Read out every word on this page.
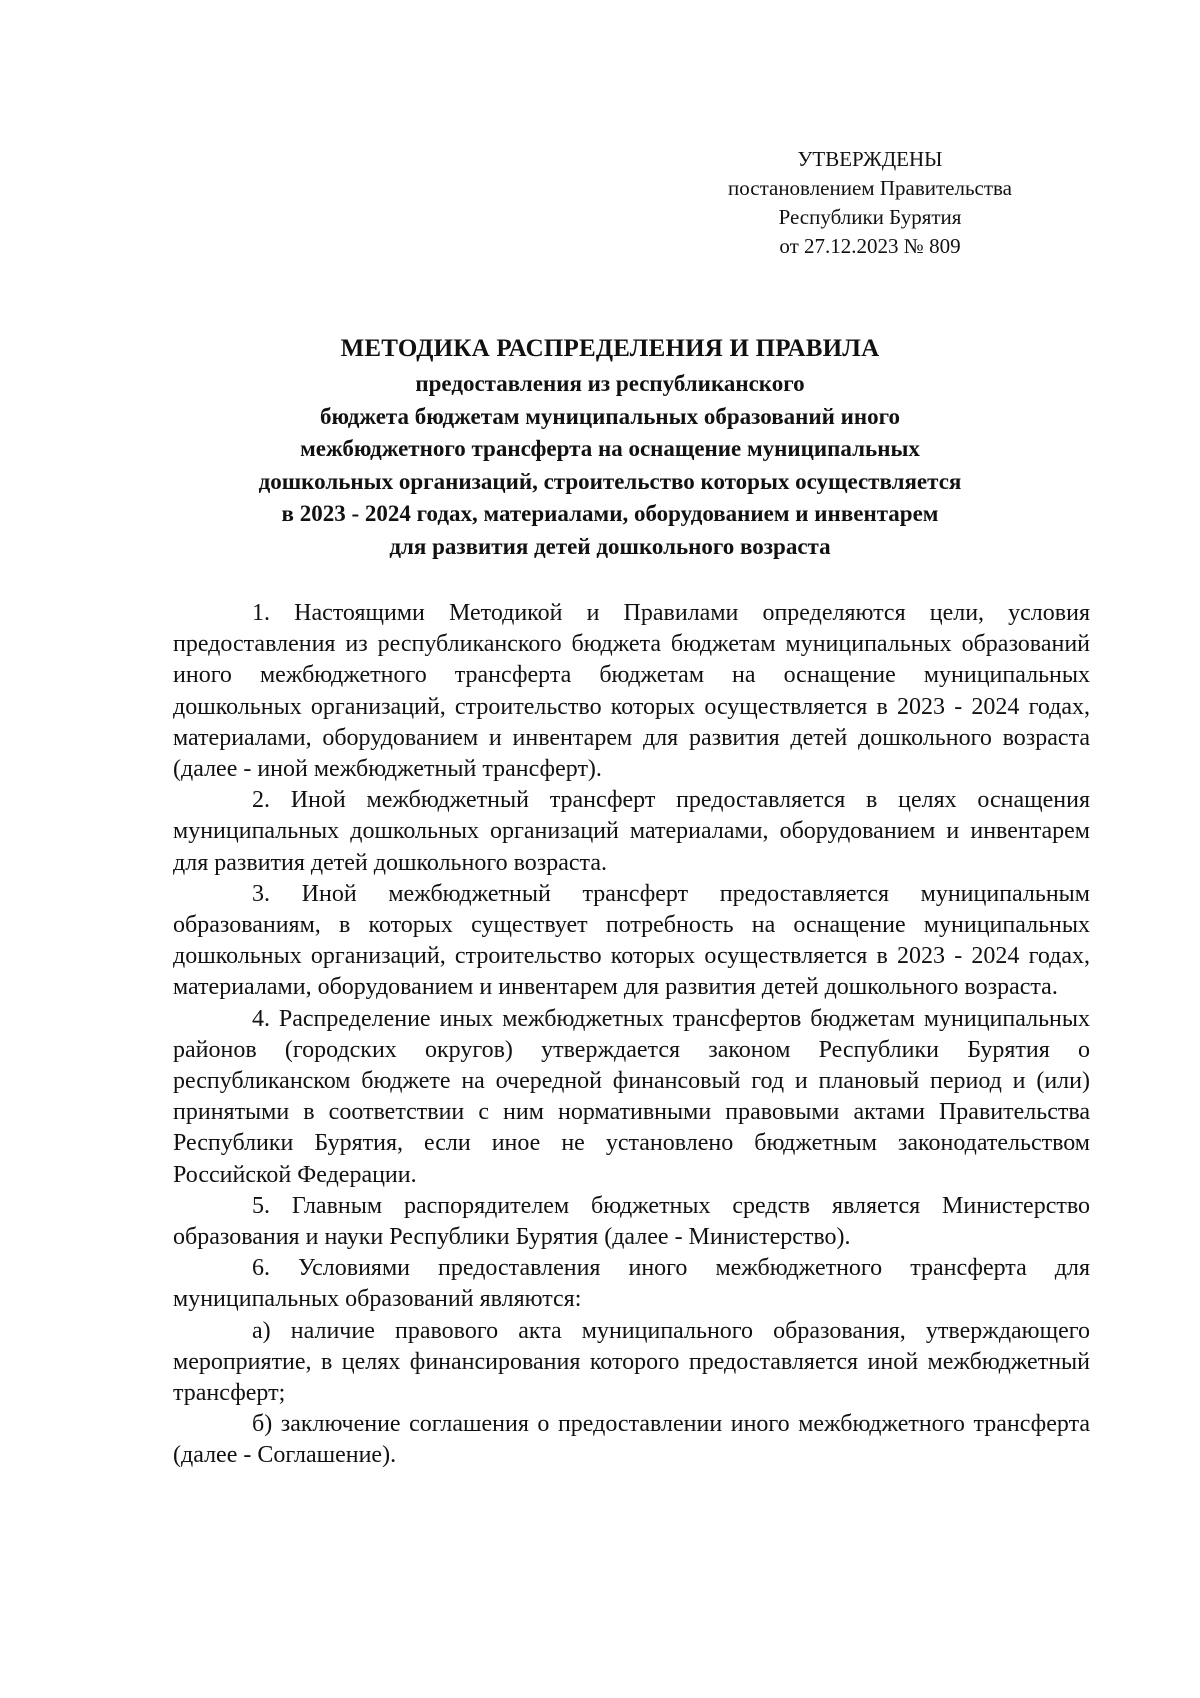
УТВЕРЖДЕНЫ
постановлением Правительства
Республики Бурятия
от 27.12.2023 № 809
МЕТОДИКА РАСПРЕДЕЛЕНИЯ И ПРАВИЛА
предоставления из республиканского
бюджета бюджетам муниципальных образований иного
межбюджетного трансферта на оснащение муниципальных
дошкольных организаций, строительство которых осуществляется
в 2023 - 2024 годах, материалами, оборудованием и инвентарем
для развития детей дошкольного возраста

1. Настоящими Методикой и Правилами определяются цели, условия предоставления из республиканского бюджета бюджетам муниципальных образований иного межбюджетного трансферта бюджетам на оснащение муниципальных дошкольных организаций, строительство которых осуществляется в 2023 - 2024 годах, материалами, оборудованием и инвентарем для развития детей дошкольного возраста (далее - иной межбюджетный трансферт).

2. Иной межбюджетный трансферт предоставляется в целях оснащения муниципальных дошкольных организаций материалами, оборудованием и инвентарем для развития детей дошкольного возраста.

3. Иной межбюджетный трансферт предоставляется муниципальным образованиям, в которых существует потребность на оснащение муниципальных дошкольных организаций, строительство которых осуществляется в 2023 - 2024 годах, материалами, оборудованием и инвентарем для развития детей дошкольного возраста.

4. Распределение иных межбюджетных трансфертов бюджетам муниципальных районов (городских округов) утверждается законом Республики Бурятия о республиканском бюджете на очередной финансовый год и плановый период и (или) принятыми в соответствии с ним нормативными правовыми актами Правительства Республики Бурятия, если иное не установлено бюджетным законодательством Российской Федерации.

5. Главным распорядителем бюджетных средств является Министерство образования и науки Республики Бурятия (далее - Министерство).

6. Условиями предоставления иного межбюджетного трансферта для муниципальных образований являются:

а) наличие правового акта муниципального образования, утверждающего мероприятие, в целях финансирования которого предоставляется иной межбюджетный трансферт;

б) заключение соглашения о предоставлении иного межбюджетного трансферта (далее - Соглашение).
